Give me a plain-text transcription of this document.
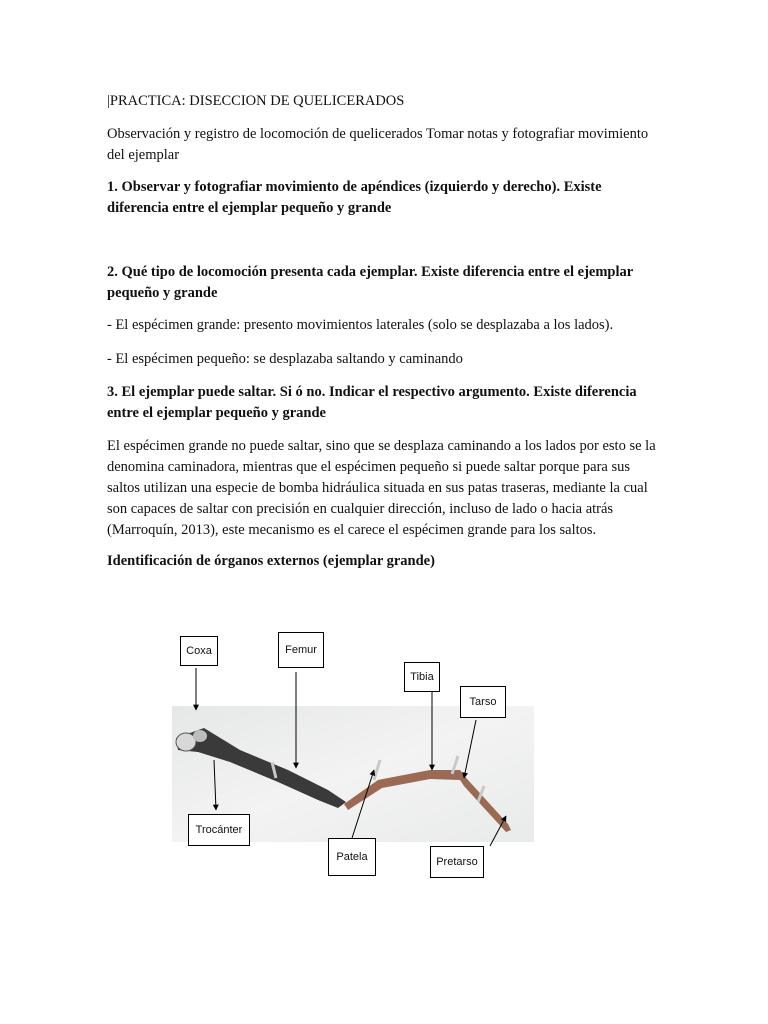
|PRACTICA: DISECCION DE QUELICERADOS

Observación y registro de locomoción de quelicerados Tomar notas y fotografiar movimiento del ejemplar

1. Observar y fotografiar movimiento de apéndices (izquierdo y derecho). Existe diferencia entre el ejemplar pequeño y grande

2. Qué tipo de locomoción presenta cada ejemplar. Existe diferencia entre el ejemplar pequeño y grande

- El espécimen grande: presento movimientos laterales (solo se desplazaba a los lados).

- El espécimen pequeño: se desplazaba saltando y caminando

3. El ejemplar puede saltar. Si ó no. Indicar el respectivo argumento. Existe diferencia entre el ejemplar pequeño y grande

El espécimen grande no puede saltar, sino que se desplaza caminando a los lados por esto se la denomina caminadora, mientras que el espécimen pequeño si puede saltar porque para sus saltos utilizan una especie de bomba hidráulica situada en sus patas traseras, mediante la cual son capaces de saltar con precisión en cualquier dirección, incluso de lado o hacia atrás (Marroquín, 2013), este mecanismo es el carece el espécimen grande para los saltos.

Identificación de órganos externos (ejemplar grande)

Coxa	Femur
Tibia
Tarso
Trocánter
Patela	Pretarso
